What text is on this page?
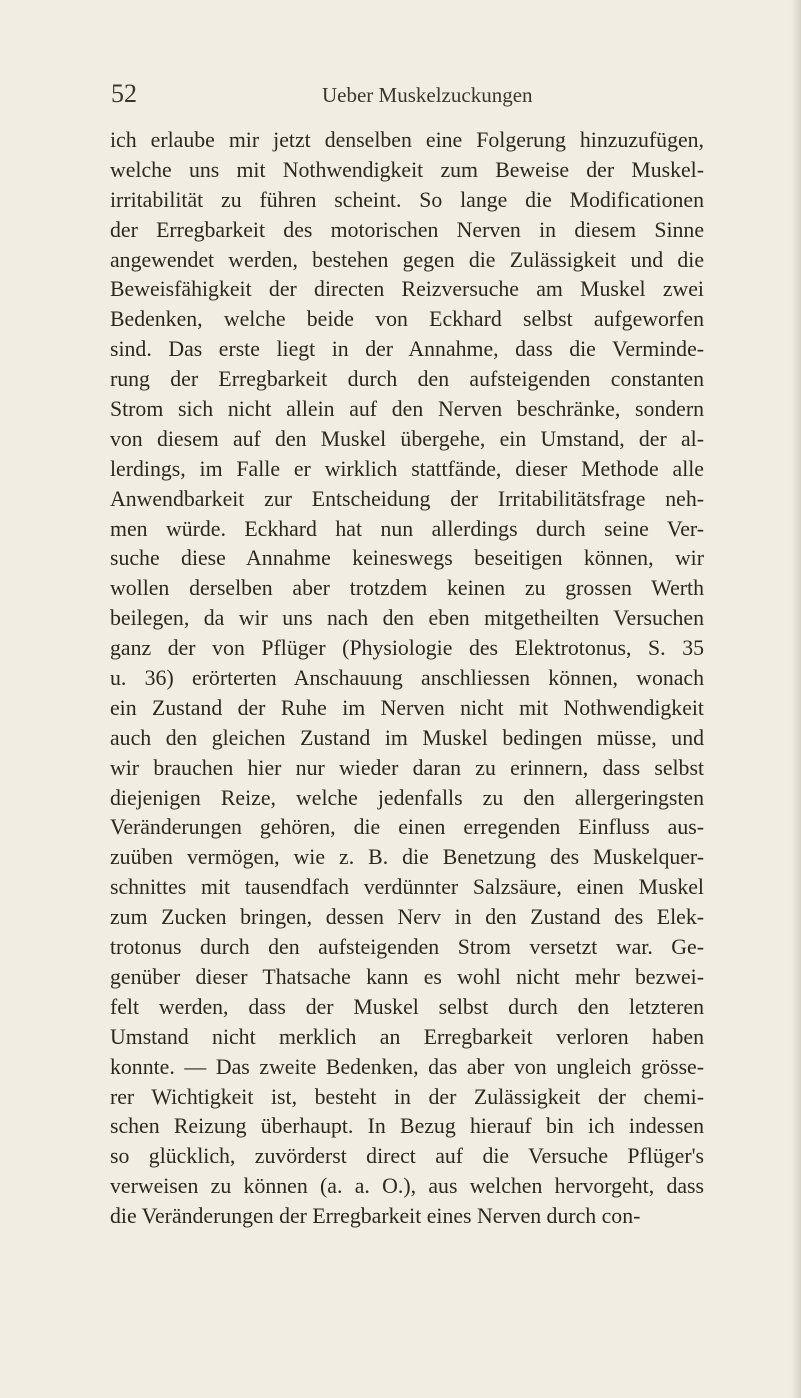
52	Ueber Muskelzuckungen
ich erlaube mir jetzt denselben eine Folgerung hinzuzufügen,
welche uns mit Nothwendigkeit zum Beweise der Muskel-
irritabilität zu führen scheint. So lange die Modificationen
der Erregbarkeit des motorischen Nerven in diesem Sinne
angewendet werden, bestehen gegen die Zulässigkeit und die
Beweisfähigkeit der directen Reizversuche am Muskel zwei
Bedenken, welche beide von Eckhard selbst aufgeworfen
sind. Das erste liegt in der Annahme, dass die Verminde-
rung der Erregbarkeit durch den aufsteigenden constanten
Strom sich nicht allein auf den Nerven beschränke, sondern
von diesem auf den Muskel übergehe, ein Umstand, der al-
lerdings, im Falle er wirklich stattfände, dieser Methode alle
Anwendbarkeit zur Entscheidung der Irritabilitätsfrage neh-
men würde. Eckhard hat nun allerdings durch seine Ver-
suche diese Annahme keineswegs beseitigen können, wir
wollen derselben aber trotzdem keinen zu grossen Werth
beilegen, da wir uns nach den eben mitgetheilten Versuchen
ganz der von Pflüger (Physiologie des Elektrotonus, S. 35
u. 36) erörterten Anschauung anschliessen können, wonach
ein Zustand der Ruhe im Nerven nicht mit Nothwendigkeit
auch den gleichen Zustand im Muskel bedingen müsse, und
wir brauchen hier nur wieder daran zu erinnern, dass selbst
diejenigen Reize, welche jedenfalls zu den allergeringsten
Veränderungen gehören, die einen erregenden Einfluss aus-
zuüben vermögen, wie z. B. die Benetzung des Muskelquer-
schnittes mit tausendfach verdünnter Salzsäure, einen Muskel
zum Zucken bringen, dessen Nerv in den Zustand des Elek-
trotonus durch den aufsteigenden Strom versetzt war. Ge-
genüber dieser Thatsache kann es wohl nicht mehr bezwei-
felt werden, dass der Muskel selbst durch den letzteren
Umstand nicht merklich an Erregbarkeit verloren haben
konnte. — Das zweite Bedenken, das aber von ungleich grösse-
rer Wichtigkeit ist, besteht in der Zulässigkeit der chemi-
schen Reizung überhaupt. In Bezug hierauf bin ich indessen
so glücklich, zuvörderst direct auf die Versuche Pflüger's
verweisen zu können (a. a. O.), aus welchen hervorgeht, dass
die Veränderungen der Erregbarkeit eines Nerven durch con-
